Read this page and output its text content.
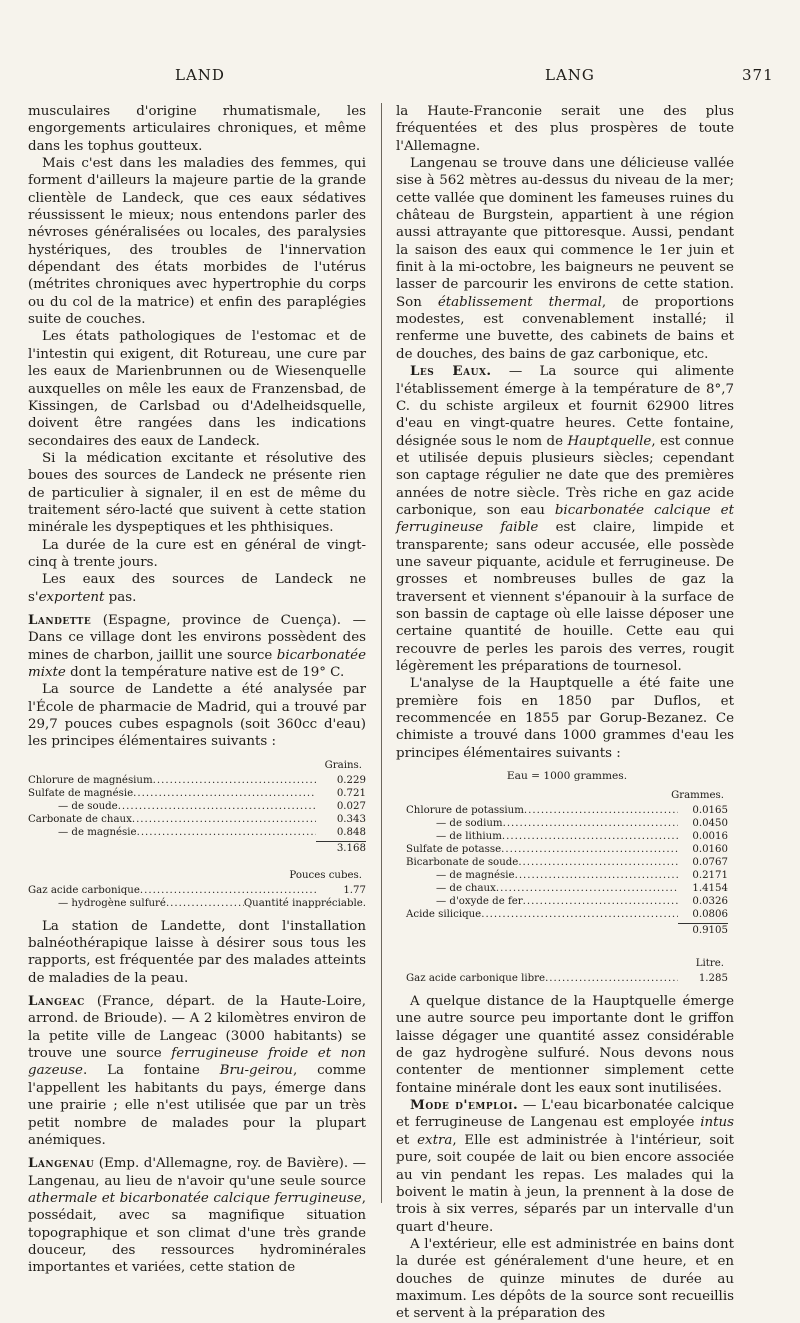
LAND	LANG	371

musculaires d'origine rhumatismale, les engorgements articulaires chroniques, et même dans les tophus goutteux.

Mais c'est dans les maladies des femmes, qui forment d'ailleurs la majeure partie de la grande clientèle de Landeck, que ces eaux sédatives réussissent le mieux; nous entendons parler des névroses généralisées ou locales, des paralysies hystériques, des troubles de l'innervation dépendant des états morbides de l'utérus (métrites chroniques avec hypertrophie du corps ou du col de la matrice) et enfin des paraplégies suite de couches.

Les états pathologiques de l'estomac et de l'intestin qui exigent, dit Rotureau, une cure par les eaux de Marienbrunnen ou de Wiesenquelle auxquelles on mêle les eaux de Franzensbad, de Kissingen, de Carlsbad ou d'Adelheidsquelle, doivent être rangées dans les indications secondaires des eaux de Landeck.

Si la médication excitante et résolutive des boues des sources de Landeck ne présente rien de particulier à signaler, il en est de même du traitement séro-lacté que suivent à cette station minérale les dyspeptiques et les phthisiques.

La durée de la cure est en général de vingt-cinq à trente jours.

Les eaux des sources de Landeck ne s'exportent pas.

Landette (Espagne, province de Cuença). — Dans ce village dont les environs possèdent des mines de charbon, jaillit une source bicarbonatée mixte dont la température native est de 19° C.

La source de Landette a été analysée par l'École de pharmacie de Madrid, qui a trouvé par 29,7 pouces cubes espagnols (soit 360cc d'eau) les principes élémentaires suivants :

Grains.
Chlorure de magnésium .....	0.229
Sulfate de magnésie .....	0.721
— de soude .....	0.027
Carbonate de chaux .....	0.343
— de magnésie .....	0.848
3.168
Pouces cubes.
Gaz acide carbonique .....	1.77
— hydrogène sulfuré .....	Quantité inappréciable.

La station de Landette, dont l'installation balnéothérapique laisse à désirer sous tous les rapports, est fréquentée par des malades atteints de maladies de la peau.

Langeac (France, départ. de la Haute-Loire, arrond. de Brioude). — A 2 kilomètres environ de la petite ville de Langeac (3000 habitants) se trouve une source ferrugineuse froide et non gazeuse. La fontaine Bru-geirou, comme l'appellent les habitants du pays, émerge dans une prairie ; elle n'est utilisée que par un très petit nombre de malades pour la plupart anémiques.

Langenau (Emp. d'Allemagne, roy. de Bavière). — Langenau, au lieu de n'avoir qu'une seule source athermale et bicarbonatée calcique ferrugineuse, possédait, avec sa magnifique situation topographique et son climat d'une très grande douceur, des ressources hydrominérales importantes et variées, cette station de

la Haute-Franconie serait une des plus fréquentées et des plus prospères de toute l'Allemagne.

Langenau se trouve dans une délicieuse vallée sise à 562 mètres au-dessus du niveau de la mer; cette vallée que dominent les fameuses ruines du château de Burgstein, appartient à une région aussi attrayante que pittoresque. Aussi, pendant la saison des eaux qui commence le 1er juin et finit à la mi-octobre, les baigneurs ne peuvent se lasser de parcourir les environs de cette station. Son établissement thermal, de proportions modestes, est convenablement installé; il renferme une buvette, des cabinets de bains et de douches, des bains de gaz carbonique, etc.

Les Eaux. — La source qui alimente l'établissement émerge à la température de 8°,7 C. du schiste argileux et fournit 62900 litres d'eau en vingt-quatre heures. Cette fontaine, désignée sous le nom de Hauptquelle, est connue et utilisée depuis plusieurs siècles; cependant son captage régulier ne date que des premières années de notre siècle. Très riche en gaz acide carbonique, son eau bicarbonatée calcique et ferrugineuse faible est claire, limpide et transparente; sans odeur accusée, elle possède une saveur piquante, acidule et ferrugineuse. De grosses et nombreuses bulles de gaz la traversent et viennent s'épanouir à la surface de son bassin de captage où elle laisse déposer une certaine quantité de houille. Cette eau qui recouvre de perles les parois des verres, rougit légèrement les préparations de tournesol.

L'analyse de la Hauptquelle a été faite une première fois en 1850 par Duflos, et recommencée en 1855 par Gorup-Bezanez. Ce chimiste a trouvé dans 1000 grammes d'eau les principes élémentaires suivants :

Eau = 1000 grammes.
Grammes.
Chlorure de potassium .....	0.0165
— de sodium .....	0.0450
— de lithium .....	0.0016
Sulfate de potasse .....	0.0160
Bicarbonate de soude .....	0.0767
— de magnésie .....	0.2171
— de chaux .....	1.4154
— d'oxyde de fer .....	0.0326
Acide silicique .....	0.0806
0.9105
Litre.
Gaz acide carbonique libre .....	1.285

A quelque distance de la Hauptquelle émerge une autre source peu importante dont le griffon laisse dégager une quantité assez considérable de gaz hydrogène sulfuré. Nous devons nous contenter de mentionner simplement cette fontaine minérale dont les eaux sont inutilisées.

Mode d'emploi. — L'eau bicarbonatée calcique et ferrugineuse de Langenau est employée intus et extra, Elle est administrée à l'intérieur, soit pure, soit coupée de lait ou bien encore associée au vin pendant les repas. Les malades qui la boivent le matin à jeun, la prennent à la dose de trois à six verres, séparés par un intervalle d'un quart d'heure.

A l'extérieur, elle est administrée en bains dont la durée est généralement d'une heure, et en douches de quinze minutes de durée au maximum. Les dépôts de la source sont recueillis et servent à la préparation des
